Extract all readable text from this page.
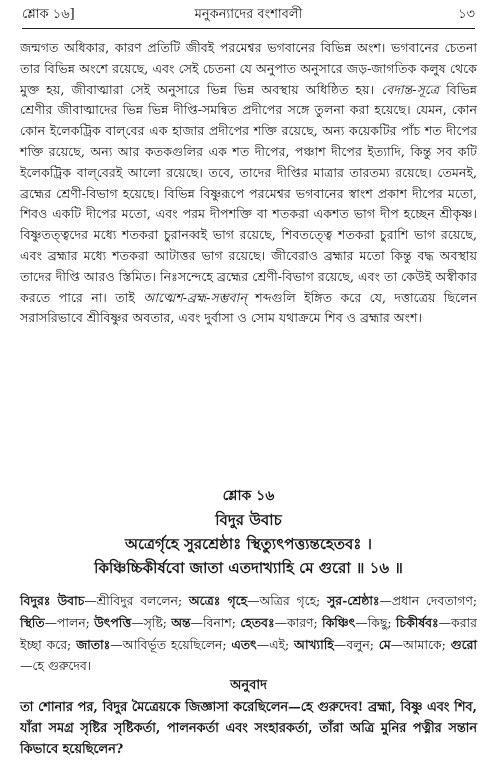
শ্লোক ১৬]	মনুকন্যাদের বংশাবলী	১৩

জন্মগত অধিকার, কারণ প্রতিটি জীবই পরমেশ্বর ভগবানের বিভিন্ন অংশ। ভগবানের চেতনা তার বিভিন্ন অংশে রয়েছে, এবং সেই চেতনা যে অনুপাত অনুসারে জড়-জাগতিক কলুষ থেকে মুক্ত হয়, জীবাত্মারা সেই অনুসারে ভিন্ন ভিন্ন অবস্থায় অধিষ্ঠিত হয়। বেদান্ত-সূত্রে বিভিন্ন শ্রেণীর জীবাত্মাদের ভিন্ন ভিন্ন দীপ্তি-সমন্বিত প্রদীপের সঙ্গে তুলনা করা হয়েছে। যেমন, কোন কোন ইলেকট্রিক বাল্‌বের এক হাজার প্রদীপের শক্তি রয়েছে, অন্য কয়েকটির পাঁচ শত দীপের শক্তি রয়েছে, অন্য আর কতকগুলির এক শত দীপের, পঞ্চাশ দীপের ইত্যাদি, কিন্তু সব কটি ইলেকট্রিক বাল্‌বেরই আলো রয়েছে। তবে, তাদের দীপ্তির মাত্রার তারতম্য রয়েছে। তেমনই, ব্রহ্মের শ্রেণী-বিভাগ হয়েছে। বিভিন্ন বিষ্ণুরূপে পরমেশ্বর ভগবানের স্বাংশ প্রকাশ দীপের মতো, শিবও একটি দীপের মতো, এবং পরম দীপশক্তি বা শতকরা একশত ভাগ দীপ হচ্ছেন শ্রীকৃষ্ণ। বিষ্ণুতত্ত্বদের মধ্যে শতকরা চুরানব্বই ভাগ রয়েছে, শিবতত্ত্বে শতকরা চুরাশি ভাগ রয়েছে, এবং ব্রহ্মার মধ্যে শতকরা আটাত্তর ভাগ রয়েছে। জীবেরাও ব্রহ্মার মতো কিন্তু বদ্ধ অবস্থায় তাদের দীপ্তি আরও স্তিমিত। নিঃসন্দেহে ব্রহ্মের শ্রেণী-বিভাগ রয়েছে, এবং তা কেউই অস্বীকার করতে পারে না। তাই আত্মেশ-ব্রহ্ম-সম্ভবান্‌ শব্দগুলি ইঙ্গিত করে যে, দত্তাত্রেয় ছিলেন সরাসরিভাবে শ্রীবিষ্ণুর অবতার, এবং দুর্বাসা ও সোম যথাক্রমে শিব ও ব্রহ্মার অংশ।

শ্লোক ১৬
বিদুর উবাচ
অত্রের্গৃহে সুরশ্রেষ্ঠাঃ স্থিত্যুৎপত্ত্যন্তহেতবঃ ।
কিঞ্চিচ্চিকীর্ষবো জাতা এতদাখ্যাহি মে গুরো ॥ ১৬ ॥
বিদুরঃ উবাচ—শ্রীবিদুর বললেন; অত্রেঃ গৃহে—অত্রির গৃহে; সুর-শ্রেষ্ঠাঃ—প্রধান দেবতাগণ; স্থিতি—পালন; উৎপত্তি—সৃষ্টি; অন্ত—বিনাশ; হেতবঃ—কারণ; কিঞ্চিৎ—কিছু; চিকীর্ষবঃ—করার ইচ্ছা করে; জাতাঃ—আবির্ভূত হয়েছিলেন; এতৎ—এই; আখ্যাহি—বলুন; মে—আমাকে; গুরো—হে গুরুদেব।
অনুবাদ
তা শোনার পর, বিদুর মৈত্রেয়কে জিজ্ঞাসা করেছিলেন—হে গুরুদেব! ব্রহ্মা, বিষ্ণু এবং শিব, যাঁরা সমগ্র সৃষ্টির সৃষ্টিকর্তা, পালনকর্তা এবং সংহারকর্তা, তাঁরা অত্রি মুনির পত্নীর সন্তান কিভাবে হয়েছিলেন?
